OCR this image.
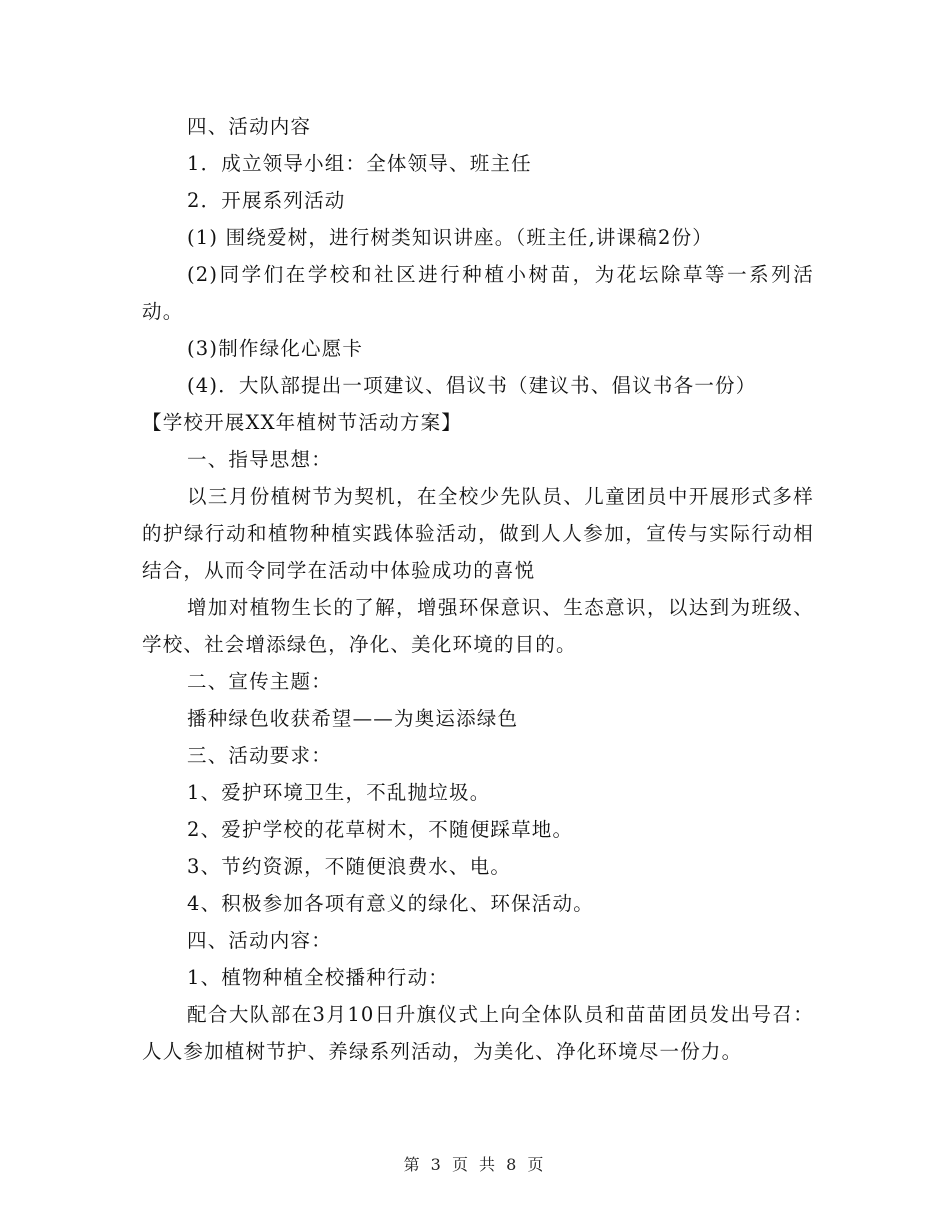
四、活动内容
1．成立领导小组：全体领导、班主任
2．开展系列活动
(1) 围绕爱树，进行树类知识讲座。（班主任,讲课稿2份）
(2)同学们在学校和社区进行种植小树苗，为花坛除草等一系列活动。
(3)制作绿化心愿卡
(4)．大队部提出一项建议、倡议书（建议书、倡议书各一份）
【学校开展XX年植树节活动方案】
一、指导思想：
以三月份植树节为契机，在全校少先队员、儿童团员中开展形式多样的护绿行动和植物种植实践体验活动，做到人人参加，宣传与实际行动相结合，从而令同学在活动中体验成功的喜悦
增加对植物生长的了解，增强环保意识、生态意识，以达到为班级、学校、社会增添绿色，净化、美化环境的目的。
二、宣传主题：
播种绿色收获希望——为奥运添绿色
三、活动要求：
1、爱护环境卫生，不乱抛垃圾。
2、爱护学校的花草树木，不随便踩草地。
3、节约资源，不随便浪费水、电。
4、积极参加各项有意义的绿化、环保活动。
四、活动内容：
1、植物种植全校播种行动：
配合大队部在3月10日升旗仪式上向全体队员和苗苗团员发出号召：人人参加植树节护、养绿系列活动，为美化、净化环境尽一份力。
第 3 页 共 8 页
